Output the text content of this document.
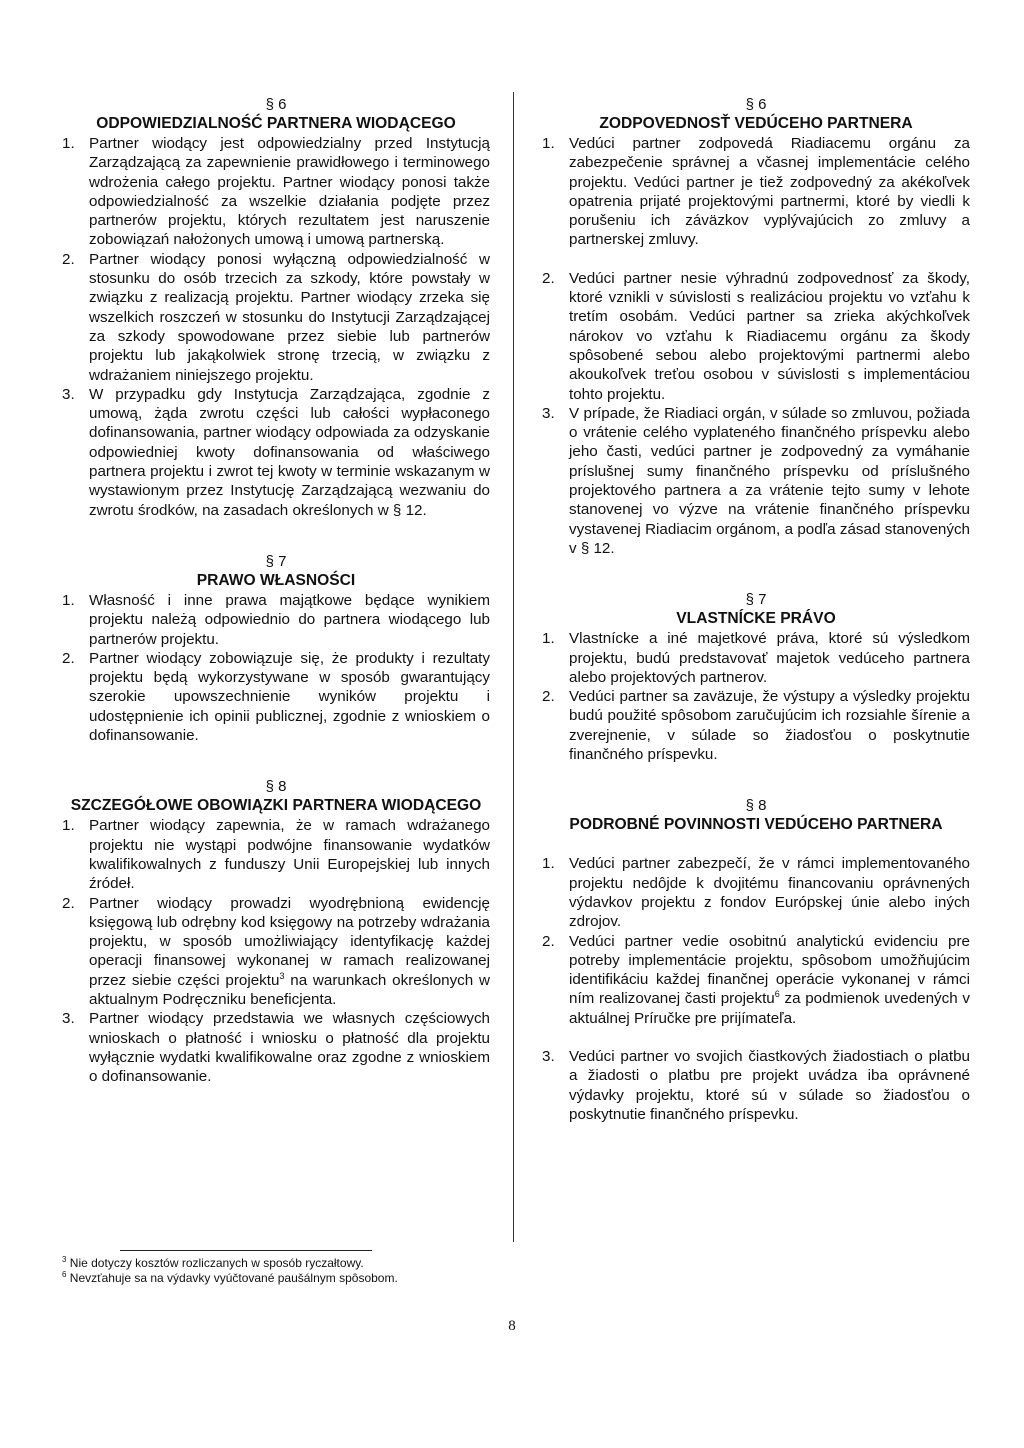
§ 6
ODPOWIEDZIALNOŚĆ PARTNERA WIODĄCEGO
1. Partner wiodący jest odpowiedzialny przed Instytucją Zarządzającą za zapewnienie prawidłowego i terminowego wdrożenia całego projektu. Partner wiodący ponosi także odpowiedzialność za wszelkie działania podjęte przez partnerów projektu, których rezultatem jest naruszenie zobowiązań nałożonych umową i umową partnerską.
2. Partner wiodący ponosi wyłączną odpowiedzialność w stosunku do osób trzecich za szkody, które powstały w związku z realizacją projektu. Partner wiodący zrzeka się wszelkich roszczeń w stosunku do Instytucji Zarządzającej za szkody spowodowane przez siebie lub partnerów projektu lub jakąkolwiek stronę trzecią, w związku z wdrażaniem niniejszego projektu.
3. W przypadku gdy Instytucja Zarządzająca, zgodnie z umową, żąda zwrotu części lub całości wypłaconego dofinansowania, partner wiodący odpowiada za odzyskanie odpowiedniej kwoty dofinansowania od właściwego partnera projektu i zwrot tej kwoty w terminie wskazanym w wystawionym przez Instytucję Zarządzającą wezwaniu do zwrotu środków, na zasadach określonych w § 12.
§ 7
PRAWO WŁASNOŚCI
1. Własność i inne prawa majątkowe będące wynikiem projektu należą odpowiednio do partnera wiodącego lub partnerów projektu.
2. Partner wiodący zobowiązuje się, że produkty i rezultaty projektu będą wykorzystywane w sposób gwarantujący szerokie upowszechnienie wyników projektu i udostępnienie ich opinii publicznej, zgodnie z wnioskiem o dofinansowanie.
§ 8
SZCZEGÓŁOWE OBOWIĄZKI PARTNERA WIODĄCEGO
1. Partner wiodący zapewnia, że w ramach wdrażanego projektu nie wystąpi podwójne finansowanie wydatków kwalifikowalnych z funduszy Unii Europejskiej lub innych źródeł.
2. Partner wiodący prowadzi wyodrębnioną ewidencję księgową lub odrębny kod księgowy na potrzeby wdrażania projektu, w sposób umożliwiający identyfikację każdej operacji finansowej wykonanej w ramach realizowanej przez siebie części projektu$^3$ na warunkach określonych w aktualnym Podręczniku beneficjenta.
3. Partner wiodący przedstawia we własnych częściowych wnioskach o płatność i wniosku o płatność dla projektu wyłącznie wydatki kwalifikowalne oraz zgodne z wnioskiem o dofinansowanie.
§ 6
ZODPOVEDNOSŤ VEDÚCEHO PARTNERA
1. Vedúci partner zodpovedá Riadiacemu orgánu za zabezpečenie správnej a včasnej implementácie celého projektu. Vedúci partner je tiež zodpovedný za akékoľvek opatrenia prijaté projektovými partnermi, ktoré by viedli k porušeniu ich záväzkov vyplývajúcich zo zmluvy a partnerskej zmluvy.
2. Vedúci partner nesie výhradnú zodpovednosť za škody, ktoré vznikli v súvislosti s realizáciou projektu vo vzťahu k tretím osobám. Vedúci partner sa zrieka akýchkoľvek nárokov vo vzťahu k Riadiacemu orgánu za škody spôsobené sebou alebo projektovými partnermi alebo akoukoľvek treťou osobou v súvislosti s implementáciou tohto projektu.
3. V prípade, že Riadiaci orgán, v súlade so zmluvou, požiada o vrátenie celého vyplateného finančného príspevku alebo jeho časti, vedúci partner je zodpovedný za vymáhanie príslušnej sumy finančného príspevku od príslušného projektového partnera a za vrátenie tejto sumy v lehote stanovenej vo výzve na vrátenie finančného príspevku vystavenej Riadiacim orgánom, a podľa zásad stanovených v § 12.
§ 7
VLASTNÍCKE PRÁVO
1. Vlastnícke a iné majetkové práva, ktoré sú výsledkom projektu, budú predstavovať majetok vedúceho partnera alebo projektových partnerov.
2. Vedúci partner sa zaväzuje, že výstupy a výsledky projektu budú použité spôsobom zaručujúcim ich rozsiahle šírenie a zverejnenie, v súlade so žiadosťou o poskytnutie finančného príspevku.
§ 8
PODROBNÉ POVINNOSTI VEDÚCEHO PARTNERA
1. Vedúci partner zabezpečí, že v rámci implementovaného projektu nedôjde k dvojitému financovaniu oprávnených výdavkov projektu z fondov Európskej únie alebo iných zdrojov.
2. Vedúci partner vedie osobitnú analytickú evidenciu pre potreby implementácie projektu, spôsobom umožňujúcim identifikáciu každej finančnej operácie vykonanej v rámci ním realizovanej časti projektu$^6$ za podmienok uvedených v aktuálnej Príručke pre prijímateľa.
3. Vedúci partner vo svojich čiastkových žiadostiach o platbu a žiadosti o platbu pre projekt uvádza iba oprávnené výdavky projektu, ktoré sú v súlade so žiadosťou o poskytnutie finančného príspevku.
$^3$ Nie dotyczy kosztów rozliczanych w sposób ryczałtowy.
$^6$ Nevzťahuje sa na výdavky vyúčtované paušálnym spôsobom.
8
